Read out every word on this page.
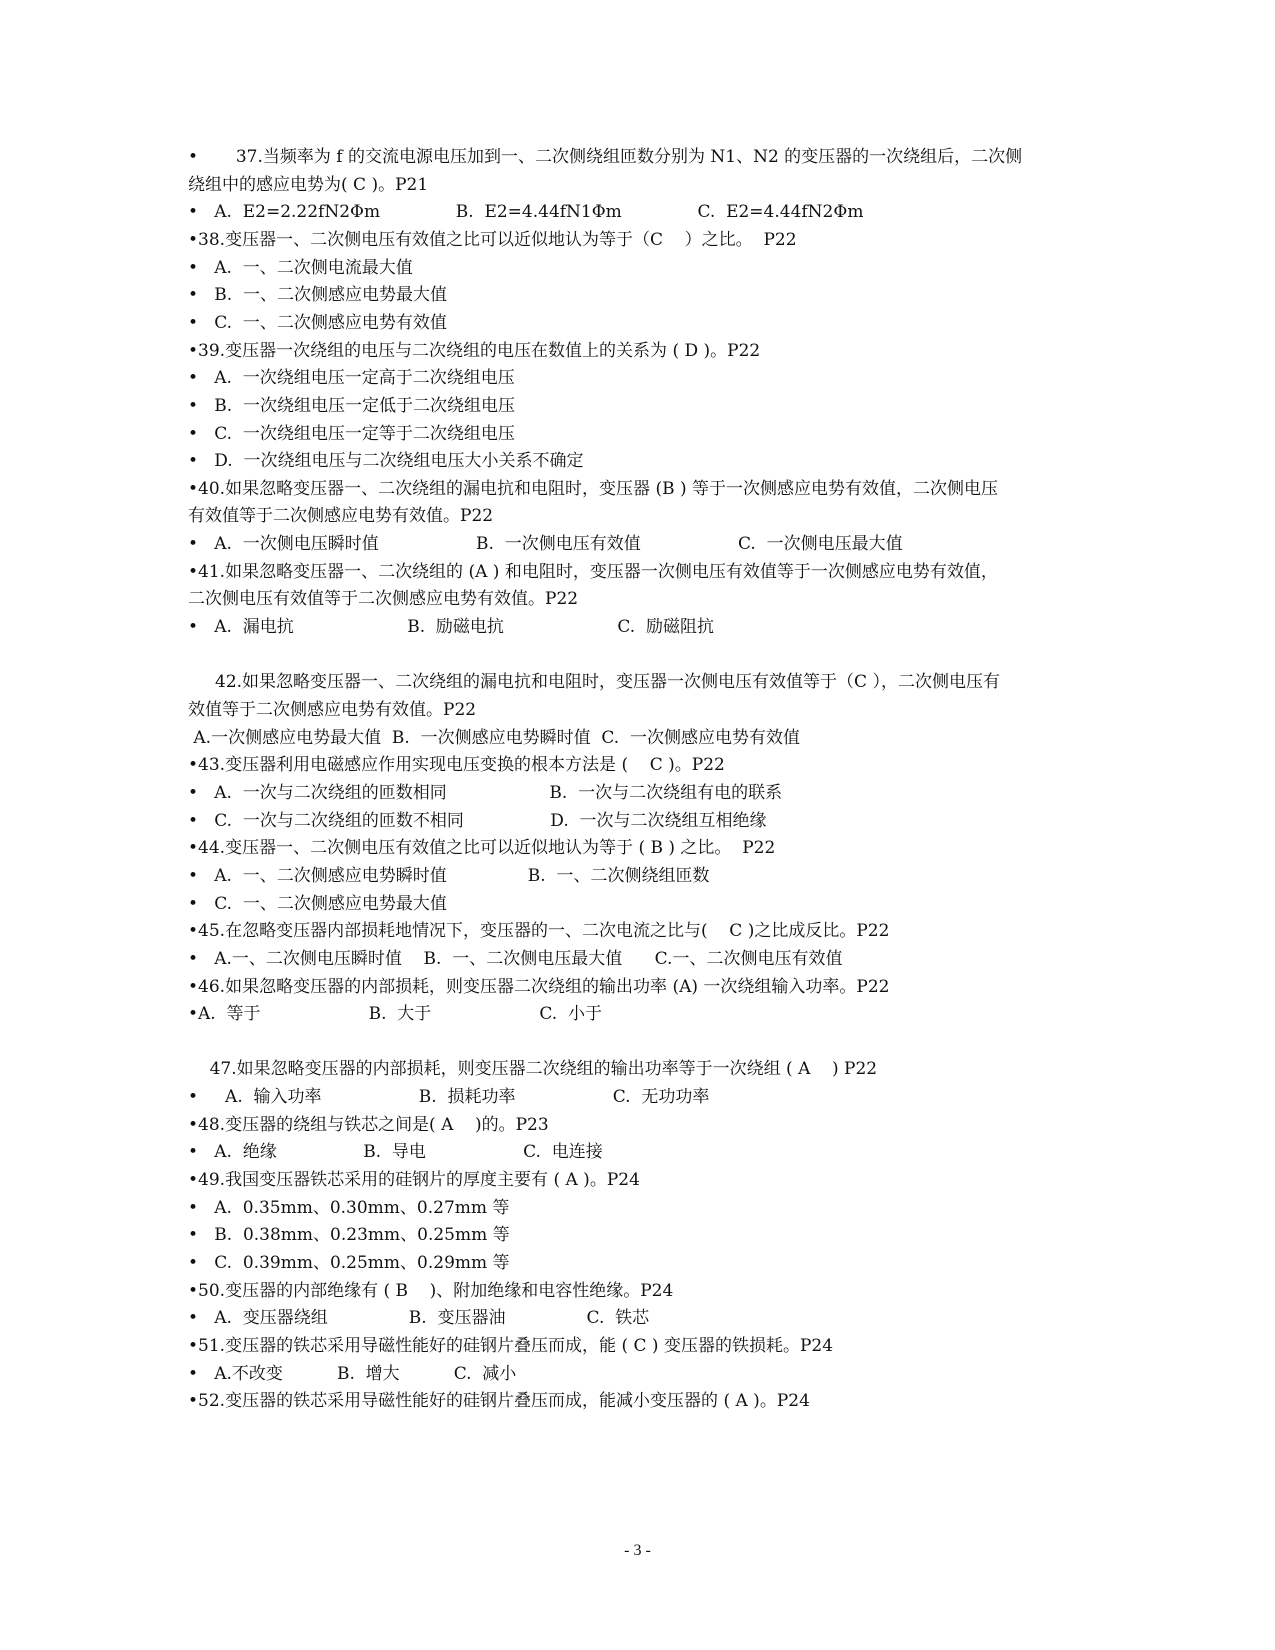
•       37.当频率为 f 的交流电源电压加到一、二次侧绕组匝数分别为 N1、N2 的变压器的一次绕组后，二次侧
绕组中的感应电势为( C )。P21
•   A.  E2=2.22fN2Φm              B.  E2=4.44fN1Φm              C.  E2=4.44fN2Φm
•38.变压器一、二次侧电压有效值之比可以近似地认为等于（C    ）之比。  P22
•   A.  一、二次侧电流最大值
•   B.  一、二次侧感应电势最大值
•   C.  一、二次侧感应电势有效值
•39.变压器一次绕组的电压与二次绕组的电压在数值上的关系为 ( D )。P22
•   A.  一次绕组电压一定高于二次绕组电压
•   B.  一次绕组电压一定低于二次绕组电压
•   C.  一次绕组电压一定等于二次绕组电压
•   D.  一次绕组电压与二次绕组电压大小关系不确定
•40.如果忽略变压器一、二次绕组的漏电抗和电阻时，变压器 (B ) 等于一次侧感应电势有效值，二次侧电压
有效值等于二次侧感应电势有效值。P22
•   A.  一次侧电压瞬时值                  B.  一次侧电压有效值                  C.  一次侧电压最大值
•41.如果忽略变压器一、二次绕组的 (A ) 和电阻时，变压器一次侧电压有效值等于一次侧感应电势有效值，
二次侧电压有效值等于二次侧感应电势有效值。P22
•   A.  漏电抗                     B.  励磁电抗                     C.  励磁阻抗
42.如果忽略变压器一、二次绕组的漏电抗和电阻时，变压器一次侧电压有效值等于（C ），二次侧电压有
效值等于二次侧感应电势有效值。P22
A.一次侧感应电势最大值  B.  一次侧感应电势瞬时值  C.  一次侧感应电势有效值
•43.变压器利用电磁感应作用实现电压变换的根本方法是 (    C )。P22
•   A.  一次与二次绕组的匝数相同                   B.  一次与二次绕组有电的联系
•   C.  一次与二次绕组的匝数不相同                D.  一次与二次绕组互相绝缘
•44.变压器一、二次侧电压有效值之比可以近似地认为等于 ( B ) 之比。  P22
•   A.  一、二次侧感应电势瞬时值               B.  一、二次侧绕组匝数
•   C.  一、二次侧感应电势最大值
•45.在忽略变压器内部损耗地情况下，变压器的一、二次电流之比与(    C )之比成反比。P22
•   A.一、二次侧电压瞬时值    B.  一、二次侧电压最大值      C.一、二次侧电压有效值
•46.如果忽略变压器的内部损耗，则变压器二次绕组的输出功率 (A) 一次绕组输入功率。P22
•A.  等于                    B.  大于                    C.  小于
47.如果忽略变压器的内部损耗，则变压器二次绕组的输出功率等于一次绕组 ( A    ) P22
•     A.  输入功率                  B.  损耗功率                  C.  无功功率
•48.变压器的绕组与铁芯之间是( A    )的。P23
•   A.  绝缘                B.  导电                  C.  电连接
•49.我国变压器铁芯采用的硅钢片的厚度主要有 ( A )。P24
•   A.  0.35mm、0.30mm、0.27mm 等
•   B.  0.38mm、0.23mm、0.25mm 等
•   C.  0.39mm、0.25mm、0.29mm 等
•50.变压器的内部绝缘有 ( B    )、附加绝缘和电容性绝缘。P24
•   A.  变压器绕组               B.  变压器油               C.  铁芯
•51.变压器的铁芯采用导磁性能好的硅钢片叠压而成，能 ( C ) 变压器的铁损耗。P24
•   A.不改变          B.  增大          C.  减小
•52.变压器的铁芯采用导磁性能好的硅钢片叠压而成，能减小变压器的 ( A )。P24
- 3 -
